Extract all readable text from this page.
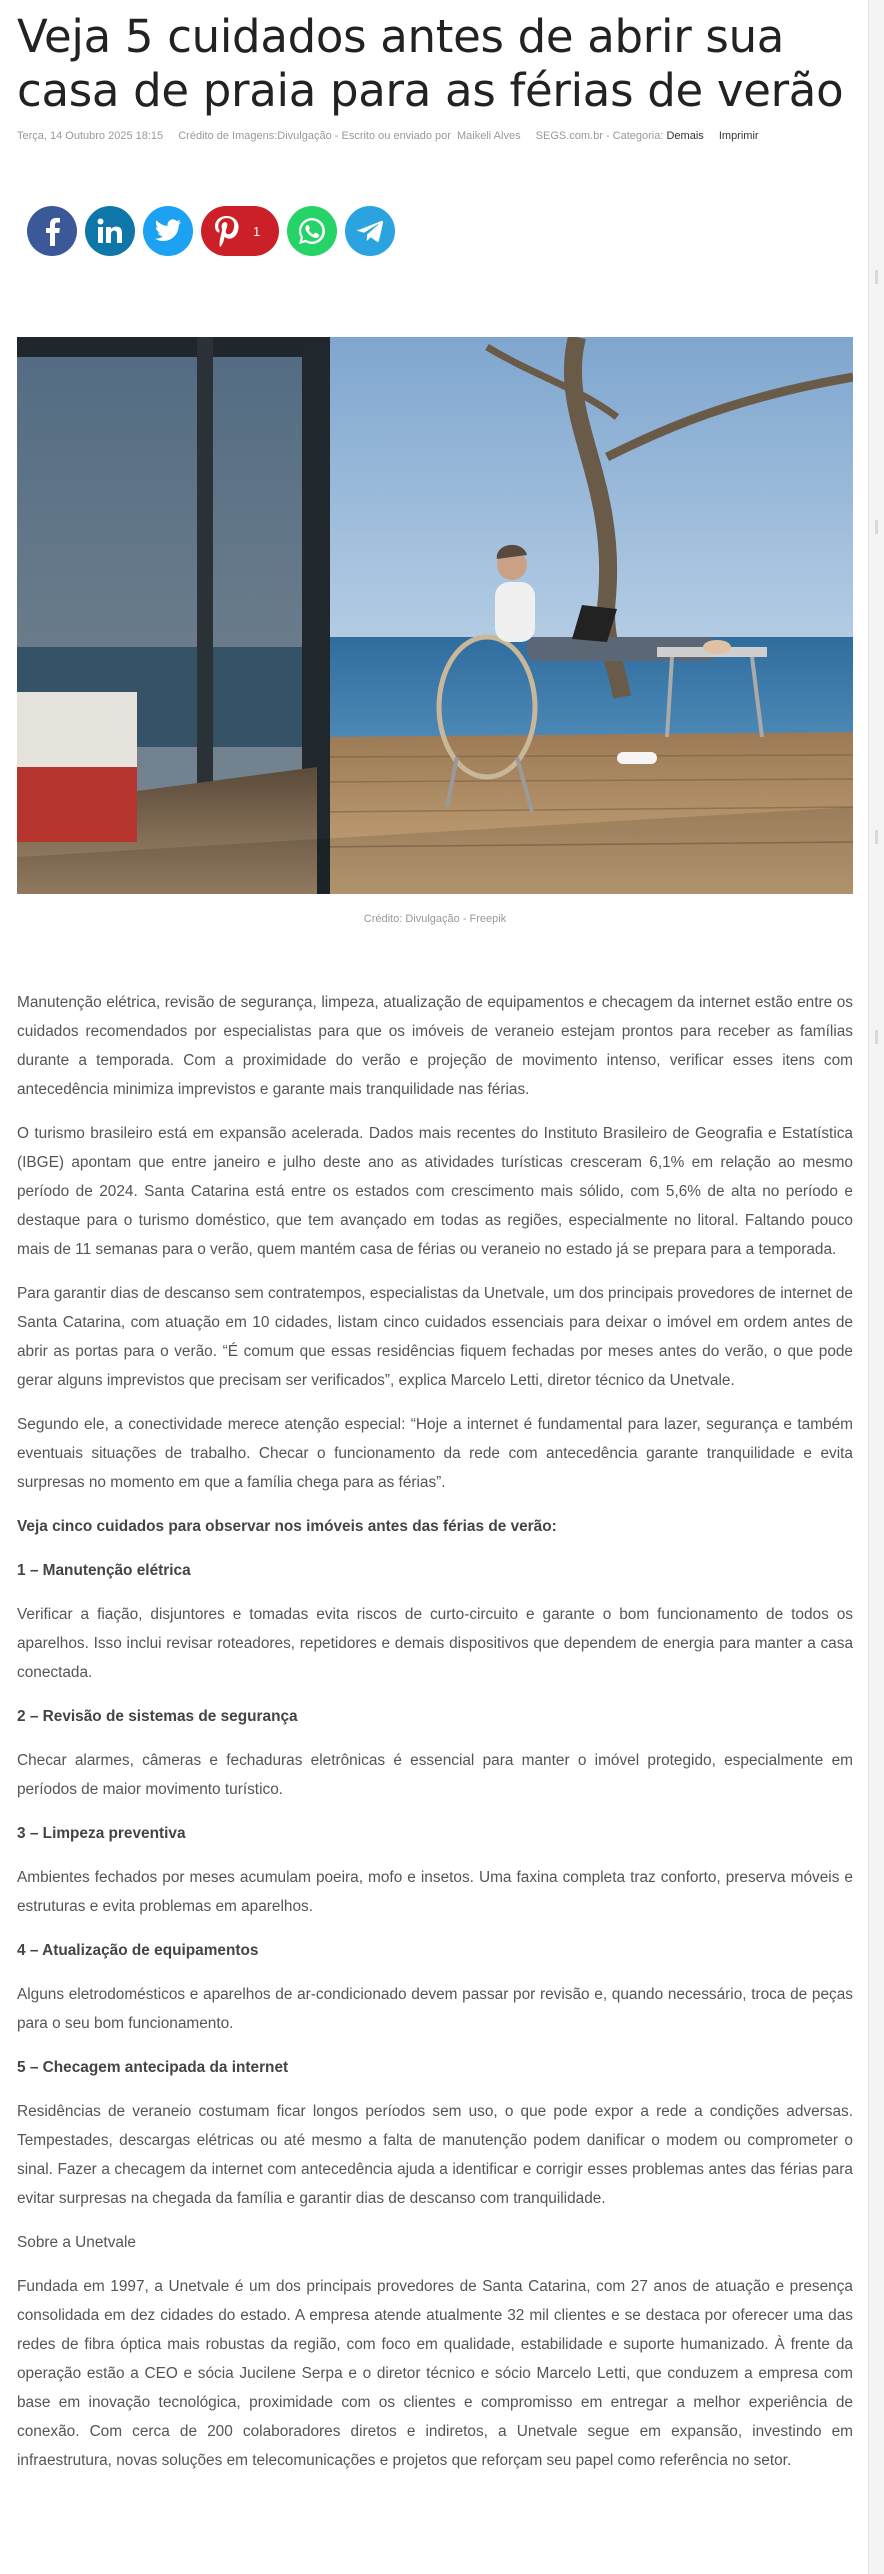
Veja 5 cuidados antes de abrir sua casa de praia para as férias de verão
Terça, 14 Outubro 2025 18:15 Crédito de Imagens:Divulgação - Escrito ou enviado por Maikeli Alves SEGS.com.br - Categoria: Demais Imprimir
1
Crédito: Divulgação - Freepik

Manutenção elétrica, revisão de segurança, limpeza, atualização de equipamentos e checagem da internet estão entre os cuidados recomendados por especialistas para que os imóveis de veraneio estejam prontos para receber as famílias durante a temporada. Com a proximidade do verão e projeção de movimento intenso, verificar esses itens com antecedência minimiza imprevistos e garante mais tranquilidade nas férias.

O turismo brasileiro está em expansão acelerada. Dados mais recentes do Instituto Brasileiro de Geografia e Estatística (IBGE) apontam que entre janeiro e julho deste ano as atividades turísticas cresceram 6,1% em relação ao mesmo período de 2024. Santa Catarina está entre os estados com crescimento mais sólido, com 5,6% de alta no período e destaque para o turismo doméstico, que tem avançado em todas as regiões, especialmente no litoral. Faltando pouco mais de 11 semanas para o verão, quem mantém casa de férias ou veraneio no estado já se prepara para a temporada.

Para garantir dias de descanso sem contratempos, especialistas da Unetvale, um dos principais provedores de internet de Santa Catarina, com atuação em 10 cidades, listam cinco cuidados essenciais para deixar o imóvel em ordem antes de abrir as portas para o verão. “É comum que essas residências fiquem fechadas por meses antes do verão, o que pode gerar alguns imprevistos que precisam ser verificados”, explica Marcelo Letti, diretor técnico da Unetvale.

Segundo ele, a conectividade merece atenção especial: “Hoje a internet é fundamental para lazer, segurança e também eventuais situações de trabalho. Checar o funcionamento da rede com antecedência garante tranquilidade e evita surpresas no momento em que a família chega para as férias”.

Veja cinco cuidados para observar nos imóveis antes das férias de verão:

1 – Manutenção elétrica

Verificar a fiação, disjuntores e tomadas evita riscos de curto-circuito e garante o bom funcionamento de todos os aparelhos. Isso inclui revisar roteadores, repetidores e demais dispositivos que dependem de energia para manter a casa conectada.

2 – Revisão de sistemas de segurança

Checar alarmes, câmeras e fechaduras eletrônicas é essencial para manter o imóvel protegido, especialmente em períodos de maior movimento turístico.

3 – Limpeza preventiva

Ambientes fechados por meses acumulam poeira, mofo e insetos. Uma faxina completa traz conforto, preserva móveis e estruturas e evita problemas em aparelhos.

4 – Atualização de equipamentos

Alguns eletrodomésticos e aparelhos de ar-condicionado devem passar por revisão e, quando necessário, troca de peças para o seu bom funcionamento.

5 – Checagem antecipada da internet

Residências de veraneio costumam ficar longos períodos sem uso, o que pode expor a rede a condições adversas. Tempestades, descargas elétricas ou até mesmo a falta de manutenção podem danificar o modem ou comprometer o sinal. Fazer a checagem da internet com antecedência ajuda a identificar e corrigir esses problemas antes das férias para evitar surpresas na chegada da família e garantir dias de descanso com tranquilidade.

Sobre a Unetvale

Fundada em 1997, a Unetvale é um dos principais provedores de Santa Catarina, com 27 anos de atuação e presença consolidada em dez cidades do estado. A empresa atende atualmente 32 mil clientes e se destaca por oferecer uma das redes de fibra óptica mais robustas da região, com foco em qualidade, estabilidade e suporte humanizado. À frente da operação estão a CEO e sócia Jucilene Serpa e o diretor técnico e sócio Marcelo Letti, que conduzem a empresa com base em inovação tecnológica, proximidade com os clientes e compromisso em entregar a melhor experiência de conexão. Com cerca de 200 colaboradores diretos e indiretos, a Unetvale segue em expansão, investindo em infraestrutura, novas soluções em telecomunicações e projetos que reforçam seu papel como referência no setor.
